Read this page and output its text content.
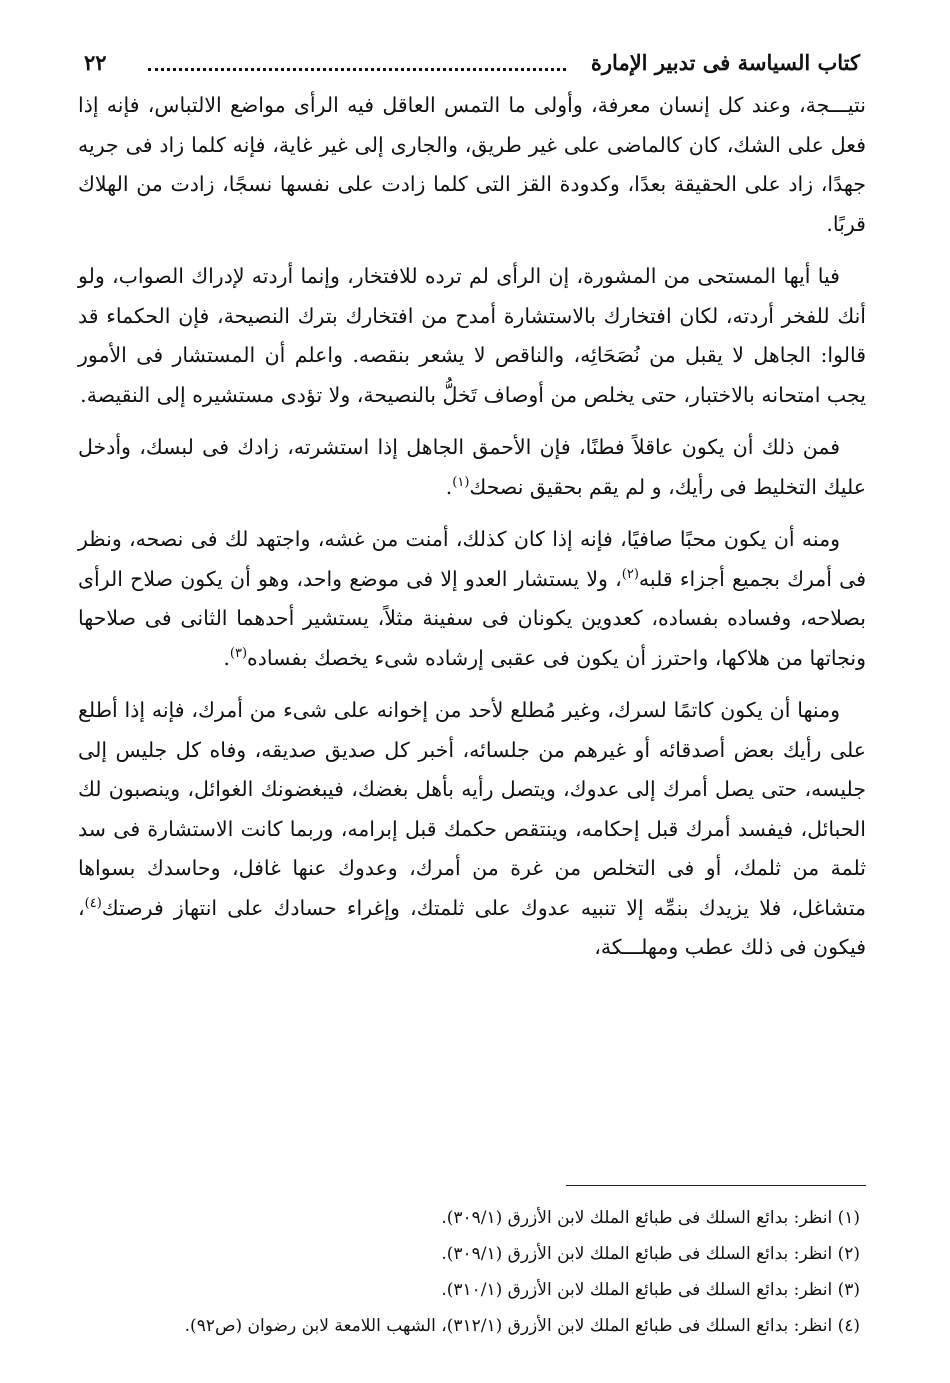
كتاب السياسة فى تدبير الإمارة
٢٢

نتيـــجة، وعند كل إنسان معرفة، وأولى ما التمس العاقل فيه الرأى مواضع الالتباس، فإنه إذا فعل على الشك، كان كالماضى على غير طريق، والجارى إلى غير غاية، فإنه كلما زاد فى جريه جهدًا، زاد على الحقيقة بعدًا، وكدودة القز التى كلما زادت على نفسها نسجًا، زادت من الهلاك قربًا.

فيا أيها المستحى من المشورة، إن الرأى لم ترده للافتخار، وإنما أردته لإدراك الصواب، ولو أنك للفخر أردته، لكان افتخارك بالاستشارة أمدح من افتخارك بترك النصيحة، فإن الحكماء قد قالوا: الجاهل لا يقبل من نُصَحَائِه، والناقص لا يشعر بنقصه. واعلم أن المستشار فى الأمور يجب امتحانه بالاختبار، حتى يخلص من أوصاف تَخلُّ بالنصيحة، ولا تؤدى مستشيره إلى النقيصة.

فمن ذلك أن يكون عاقلاً فطنًا، فإن الأحمق الجاهل إذا استشرته، زادك فى لبسك، وأدخل عليك التخليط فى رأيك، و لم يقم بحقيق نصحك$^{(١)}$.

ومنه أن يكون محبًا صافيًا، فإنه إذا كان كذلك، أمنت من غشه، واجتهد لك فى نصحه، ونظر فى أمرك بجميع أجزاء قلبه$^{(٢)}$، ولا يستشار العدو إلا فى موضع واحد، وهو أن يكون صلاح الرأى بصلاحه، وفساده بفساده، كعدوين يكونان فى سفينة مثلاً، يستشير أحدهما الثانى فى صلاحها ونجاتها من هلاكها، واحترز أن يكون فى عقبى إرشاده شىء يخصك بفساده$^{(٣)}$.

ومنها أن يكون كاتمًا لسرك، وغير مُطلع لأحد من إخوانه على شىء من أمرك، فإنه إذا أطلع على رأيك بعض أصدقائه أو غيرهم من جلسائه، أخبر كل صديق صديقه، وفاه كل جليس إلى جليسه، حتى يصل أمرك إلى عدوك، ويتصل رأيه بأهل بغضك، فيبغضونك الغوائل، وينصبون لك الحبائل، فيفسد أمرك قبل إحكامه، وينتقص حكمك قبل إبرامه، وربما كانت الاستشارة فى سد ثلمة من ثلمك، أو فى التخلص من غرة من أمرك، وعدوك عنها غافل، وحاسدك بسواها متشاغل، فلا يزيدك بنمِّه إلا تنبيه عدوك على ثلمتك، وإغراء حسادك على انتهاز فرصتك$^{(٤)}$، فيكون فى ذلك عطب ومهلـــكة،

(١) انظر: بدائع السلك فى طبائع الملك لابن الأزرق (٣٠٩/١).
(٢) انظر: بدائع السلك فى طبائع الملك لابن الأزرق (٣٠٩/١).
(٣) انظر: بدائع السلك فى طبائع الملك لابن الأزرق (٣١٠/١).
(٤) انظر: بدائع السلك فى طبائع الملك لابن الأزرق (٣١٢/١)، الشهب اللامعة لابن رضوان (ص٩٢).
